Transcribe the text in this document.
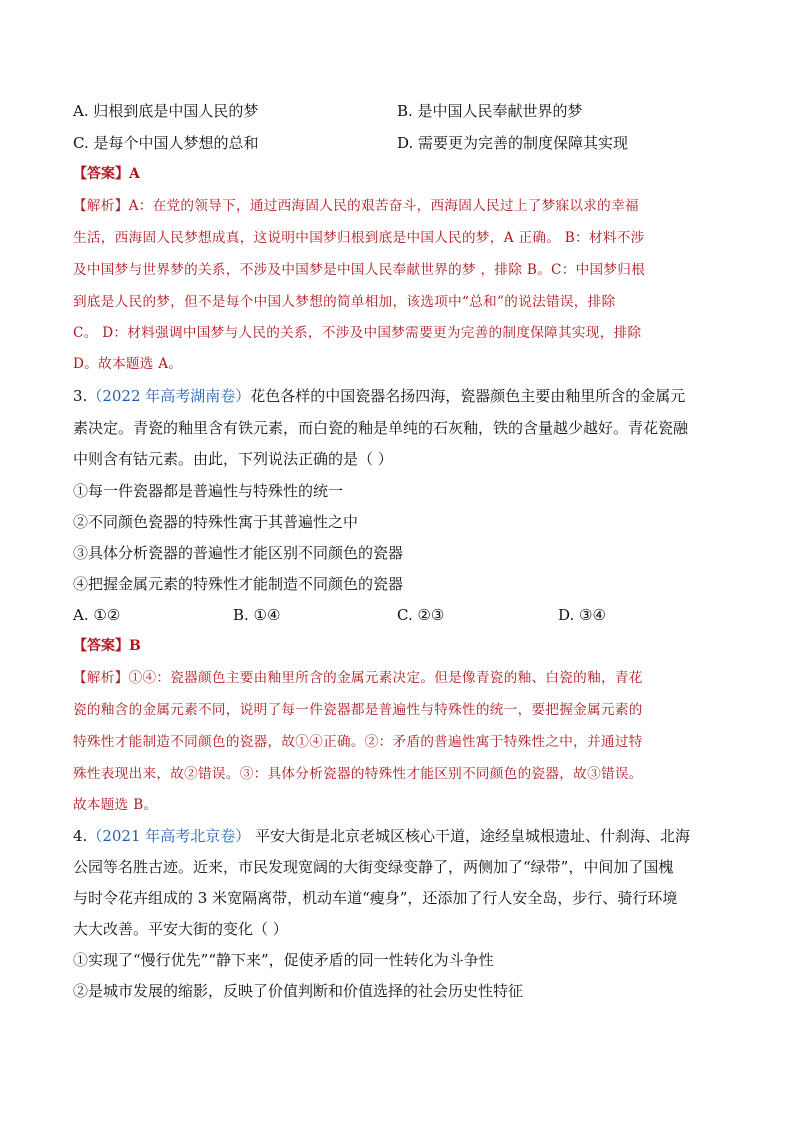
A. 归根到底是中国人民的梦	B. 是中国人民奉献世界的梦
C. 是每个中国人梦想的总和	D. 需要更为完善的制度保障其实现
【答案】A
【解析】A：在党的领导下，通过西海固人民的艰苦奋斗，西海固人民过上了梦寐以求的幸福
生活，西海固人民梦想成真，这说明中国梦归根到底是中国人民的梦，A 正确。 B：材料不涉
及中国梦与世界梦的关系，不涉及中国梦是中国人民奉献世界的梦 ，排除 B。C：中国梦归根
到底是人民的梦，但不是每个中国人梦想的简单相加，该选项中“总和”的说法错误，排除
C。 D：材料强调中国梦与人民的关系，不涉及中国梦需要更为完善的制度保障其实现，排除
D。故本题选 A。
3.（2022 年高考湖南卷）花色各样的中国瓷器名扬四海，瓷器颜色主要由釉里所含的金属元
素决定。青瓷的釉里含有铁元素，而白瓷的釉是单纯的石灰釉，铁的含量越少越好。青花瓷融
中则含有钴元素。由此，下列说法正确的是（ ）
①每一件瓷器都是普遍性与特殊性的统一
②不同颜色瓷器的特殊性寓于其普遍性之中
③具体分析瓷器的普遍性才能区别不同颜色的瓷器
④把握金属元素的特殊性才能制造不同颜色的瓷器
A. ①②	B. ①④	C. ②③	D. ③④
【答案】B
【解析】①④：瓷器颜色主要由釉里所含的金属元素决定。但是像青瓷的釉、白瓷的釉，青花
瓷的釉含的金属元素不同，说明了每一件瓷器都是普遍性与特殊性的统一，要把握金属元素的
特殊性才能制造不同颜色的瓷器，故①④正确。②：矛盾的普遍性寓于特殊性之中，并通过特
殊性表现出来，故②错误。③：具体分析瓷器的特殊性才能区别不同颜色的瓷器，故③错误。
故本题选 B。
4.（2021 年高考北京卷） 平安大街是北京老城区核心干道，途经皇城根遗址、什刹海、北海
公园等名胜古迹。近来，市民发现宽阔的大街变绿变静了，两侧加了“绿带”，中间加了国槐
与时令花卉组成的 3 米宽隔离带，机动车道“瘦身”，还添加了行人安全岛，步行、骑行环境
大大改善。平安大街的变化（ ）
①实现了“慢行优先”“静下来”，促使矛盾的同一性转化为斗争性
②是城市发展的缩影，反映了价值判断和价值选择的社会历史性特征
